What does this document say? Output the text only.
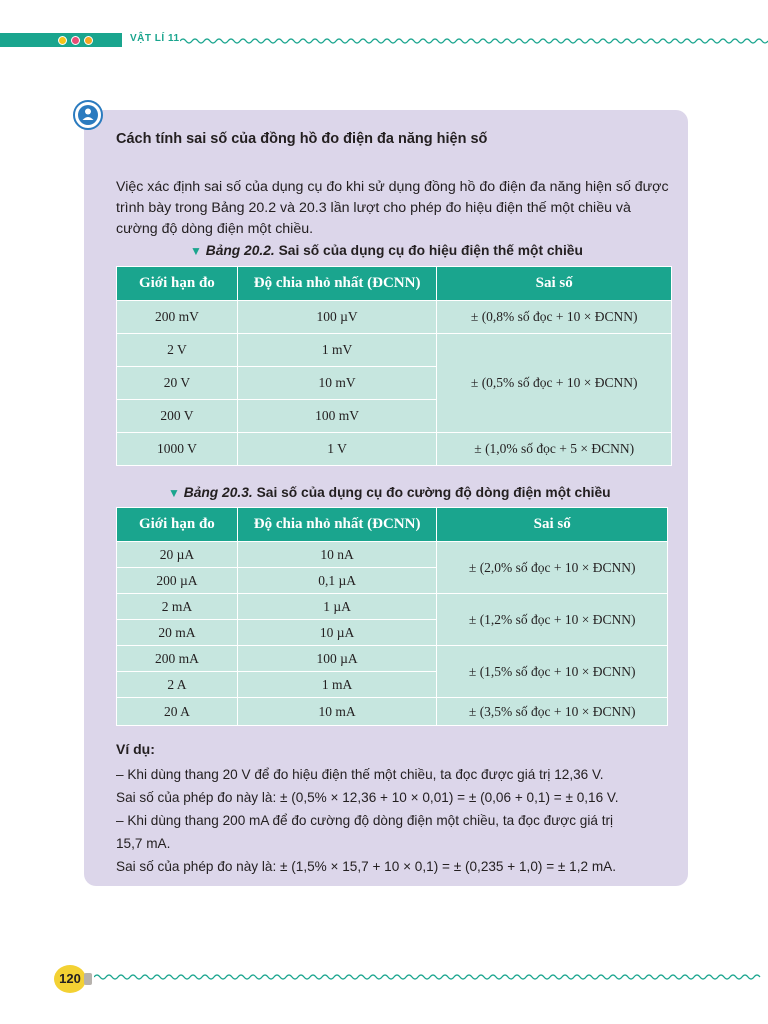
VẬT LÍ 11
Cách tính sai số của đồng hồ đo điện đa năng hiện số
Việc xác định sai số của dụng cụ đo khi sử dụng đồng hồ đo điện đa năng hiện số được
trình bày trong Bảng 20.2 và 20.3 lần lượt cho phép đo hiệu điện thế một chiều và
cường độ dòng điện một chiều.
▼ Bảng 20.2. Sai số của dụng cụ đo hiệu điện thế một chiều
Giới hạn đo	Độ chia nhỏ nhất (ĐCNN)	Sai số
200 mV	100 µV	± (0,8% số đọc + 10 × ĐCNN)
2 V	1 mV	± (0,5% số đọc + 10 × ĐCNN)
20 V	10 mV	
200 V	100 mV	
1000 V	1 V	± (1,0% số đọc + 5 × ĐCNN)
▼ Bảng 20.3. Sai số của dụng cụ đo cường độ dòng điện một chiều
Giới hạn đo	Độ chia nhỏ nhất (ĐCNN)	Sai số
20 µA	10 nA	± (2,0% số đọc + 10 × ĐCNN)
200 µA	0,1 µA	
2 mA	1 µA	± (1,2% số đọc + 10 × ĐCNN)
20 mA	10 µA	
200 mA	100 µA	± (1,5% số đọc + 10 × ĐCNN)
2 A	1 mA	
20 A	10 mA	± (3,5% số đọc + 10 × ĐCNN)
Ví dụ:
– Khi dùng thang 20 V để đo hiệu điện thế một chiều, ta đọc được giá trị 12,36 V.
Sai số của phép đo này là: ± (0,5% × 12,36 + 10 × 0,01) = ± (0,06 + 0,1) = ± 0,16 V.
– Khi dùng thang 200 mA để đo cường độ dòng điện một chiều, ta đọc được giá trị
15,7 mA.
Sai số của phép đo này là: ± (1,5% × 15,7 + 10 × 0,1) = ± (0,235 + 1,0) = ± 1,2 mA.
120
